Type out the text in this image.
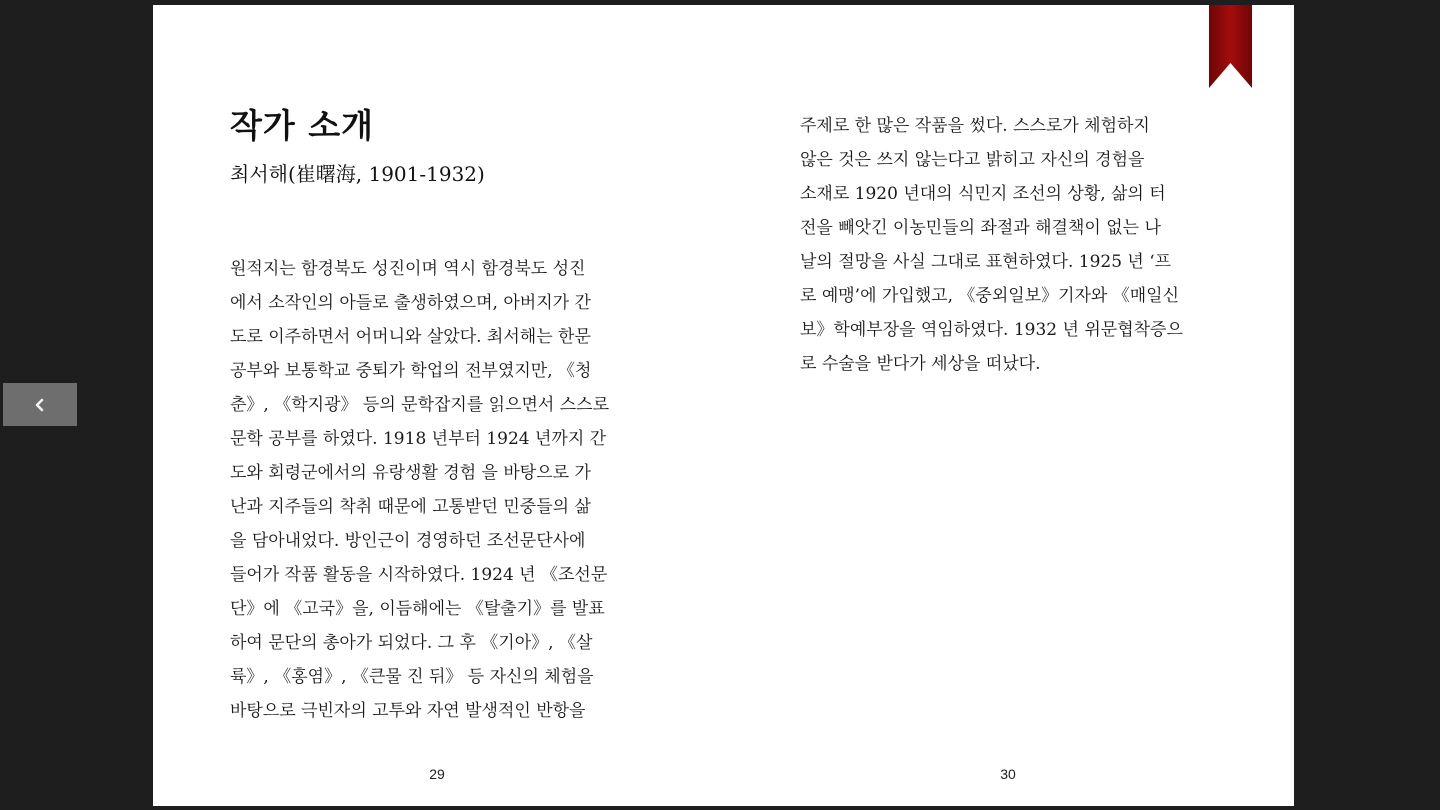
작가 소개
최서해(崔曙海, 1901-1932)
원적지는 함경북도 성진이며 역시 함경북도 성진
에서 소작인의 아들로 출생하였으며, 아버지가 간
도로 이주하면서 어머니와 살았다. 최서해는 한문
공부와 보통학교 중퇴가 학업의 전부였지만, 《청
춘》, 《학지광》 등의 문학잡지를 읽으면서 스스로
문학 공부를 하였다. 1918 년부터 1924 년까지 간
도와 회령군에서의 유랑생활 경험 을 바탕으로 가
난과 지주들의 착취 때문에 고통받던 민중들의 삶
을 담아내었다. 방인근이 경영하던 조선문단사에
들어가 작품 활동을 시작하였다. 1924 년 《조선문
단》에 《고국》을, 이듬해에는 《탈출기》를 발표
하여 문단의 총아가 되었다. 그 후 《기아》, 《살
륙》, 《홍염》, 《큰물 진 뒤》 등 자신의 체험을
바탕으로 극빈자의 고투와 자연 발생적인 반항을
29
주제로 한 많은 작품을 썼다. 스스로가 체험하지
않은 것은 쓰지 않는다고 밝히고 자신의 경험을
소재로 1920 년대의 식민지 조선의 상황, 삶의 터
전을 빼앗긴 이농민들의 좌절과 해결책이 없는 나
날의 절망을 사실 그대로 표현하였다. 1925 년 ‘프
로 예맹’에 가입했고, 《중외일보》기자와 《매일신
보》학예부장을 역임하였다. 1932 년 위문협착증으
로 수술을 받다가 세상을 떠났다.
30
